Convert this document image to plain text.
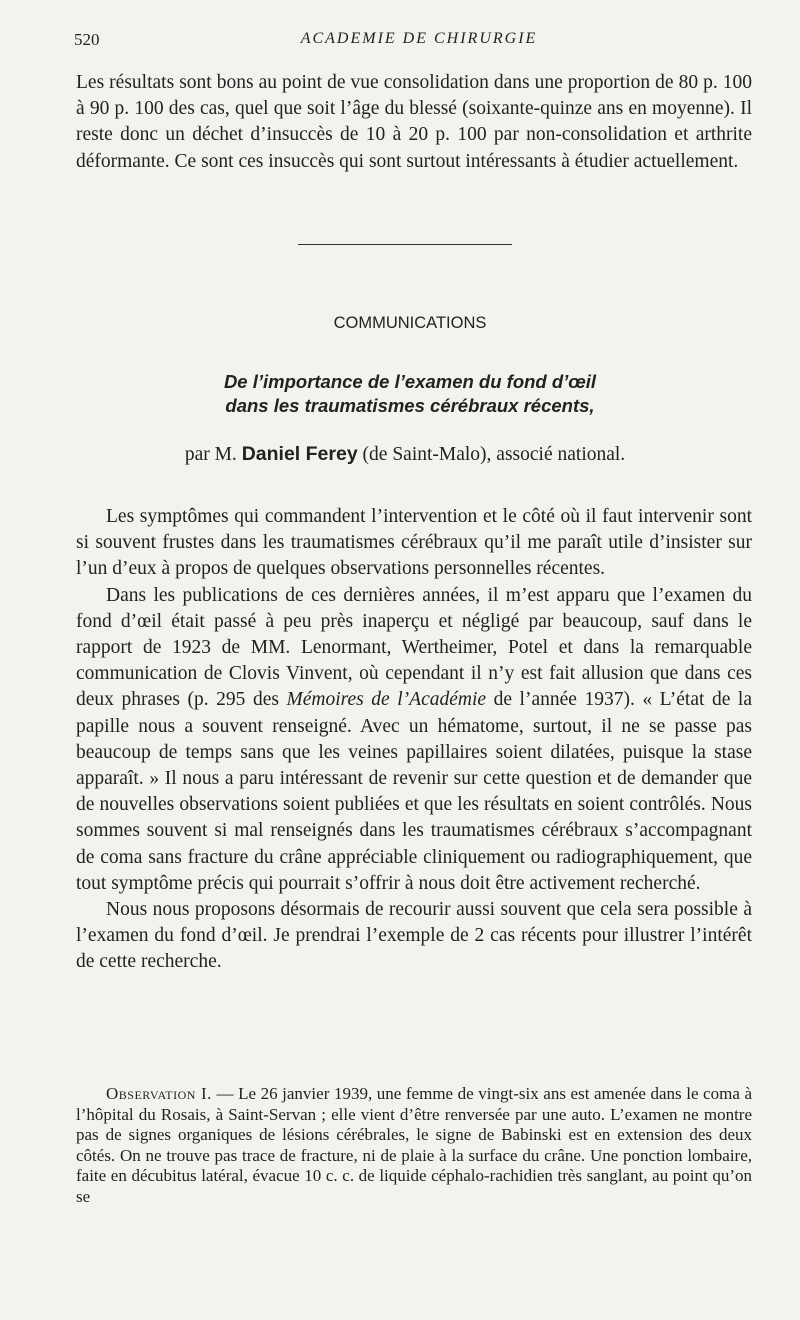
520	ACADEMIE DE CHIRURGIE

Les résultats sont bons au point de vue consolidation dans une proportion de 80 p. 100 à 90 p. 100 des cas, quel que soit l’âge du blessé (soixante-quinze ans en moyenne). Il reste donc un déchet d’insuccès de 10 à 20 p. 100 par non-consolidation et arthrite déformante. Ce sont ces insuccès qui sont surtout intéressants à étudier actuellement.

COMMUNICATIONS
De l’importance de l’examen du fond d’œil
dans les traumatismes cérébraux récents,
par M. Daniel Ferey (de Saint-Malo), associé national.

Les symptômes qui commandent l’intervention et le côté où il faut intervenir sont si souvent frustes dans les traumatismes cérébraux qu’il me paraît utile d’insister sur l’un d’eux à propos de quelques observations personnelles récentes.

Dans les publications de ces dernières années, il m’est apparu que l’examen du fond d’œil était passé à peu près inaperçu et négligé par beaucoup, sauf dans le rapport de 1923 de MM. Lenormant, Wertheimer, Potel et dans la remarquable communication de Clovis Vinvent, où cependant il n’y est fait allusion que dans ces deux phrases (p. 295 des Mémoires de l’Académie de l’année 1937). « L’état de la papille nous a souvent renseigné. Avec un hématome, surtout, il ne se passe pas beaucoup de temps sans que les veines papillaires soient dilatées, puisque la stase apparaît. » Il nous a paru intéressant de revenir sur cette question et de demander que de nouvelles observations soient publiées et que les résultats en soient contrôlés. Nous sommes souvent si mal renseignés dans les traumatismes cérébraux s’accompagnant de coma sans fracture du crâne appréciable cliniquement ou radiographiquement, que tout symptôme précis qui pourrait s’offrir à nous doit être activement recherché.

Nous nous proposons désormais de recourir aussi souvent que cela sera possible à l’examen du fond d’œil. Je prendrai l’exemple de 2 cas récents pour illustrer l’intérêt de cette recherche.

Observation I. — Le 26 janvier 1939, une femme de vingt-six ans est amenée dans le coma à l’hôpital du Rosais, à Saint-Servan ; elle vient d’être renversée par une auto. L’examen ne montre pas de signes organiques de lésions cérébrales, le signe de Babinski est en extension des deux côtés. On ne trouve pas trace de fracture, ni de plaie à la surface du crâne. Une ponction lombaire, faite en décubitus latéral, évacue 10 c. c. de liquide céphalo-rachidien très sanglant, au point qu’on se
